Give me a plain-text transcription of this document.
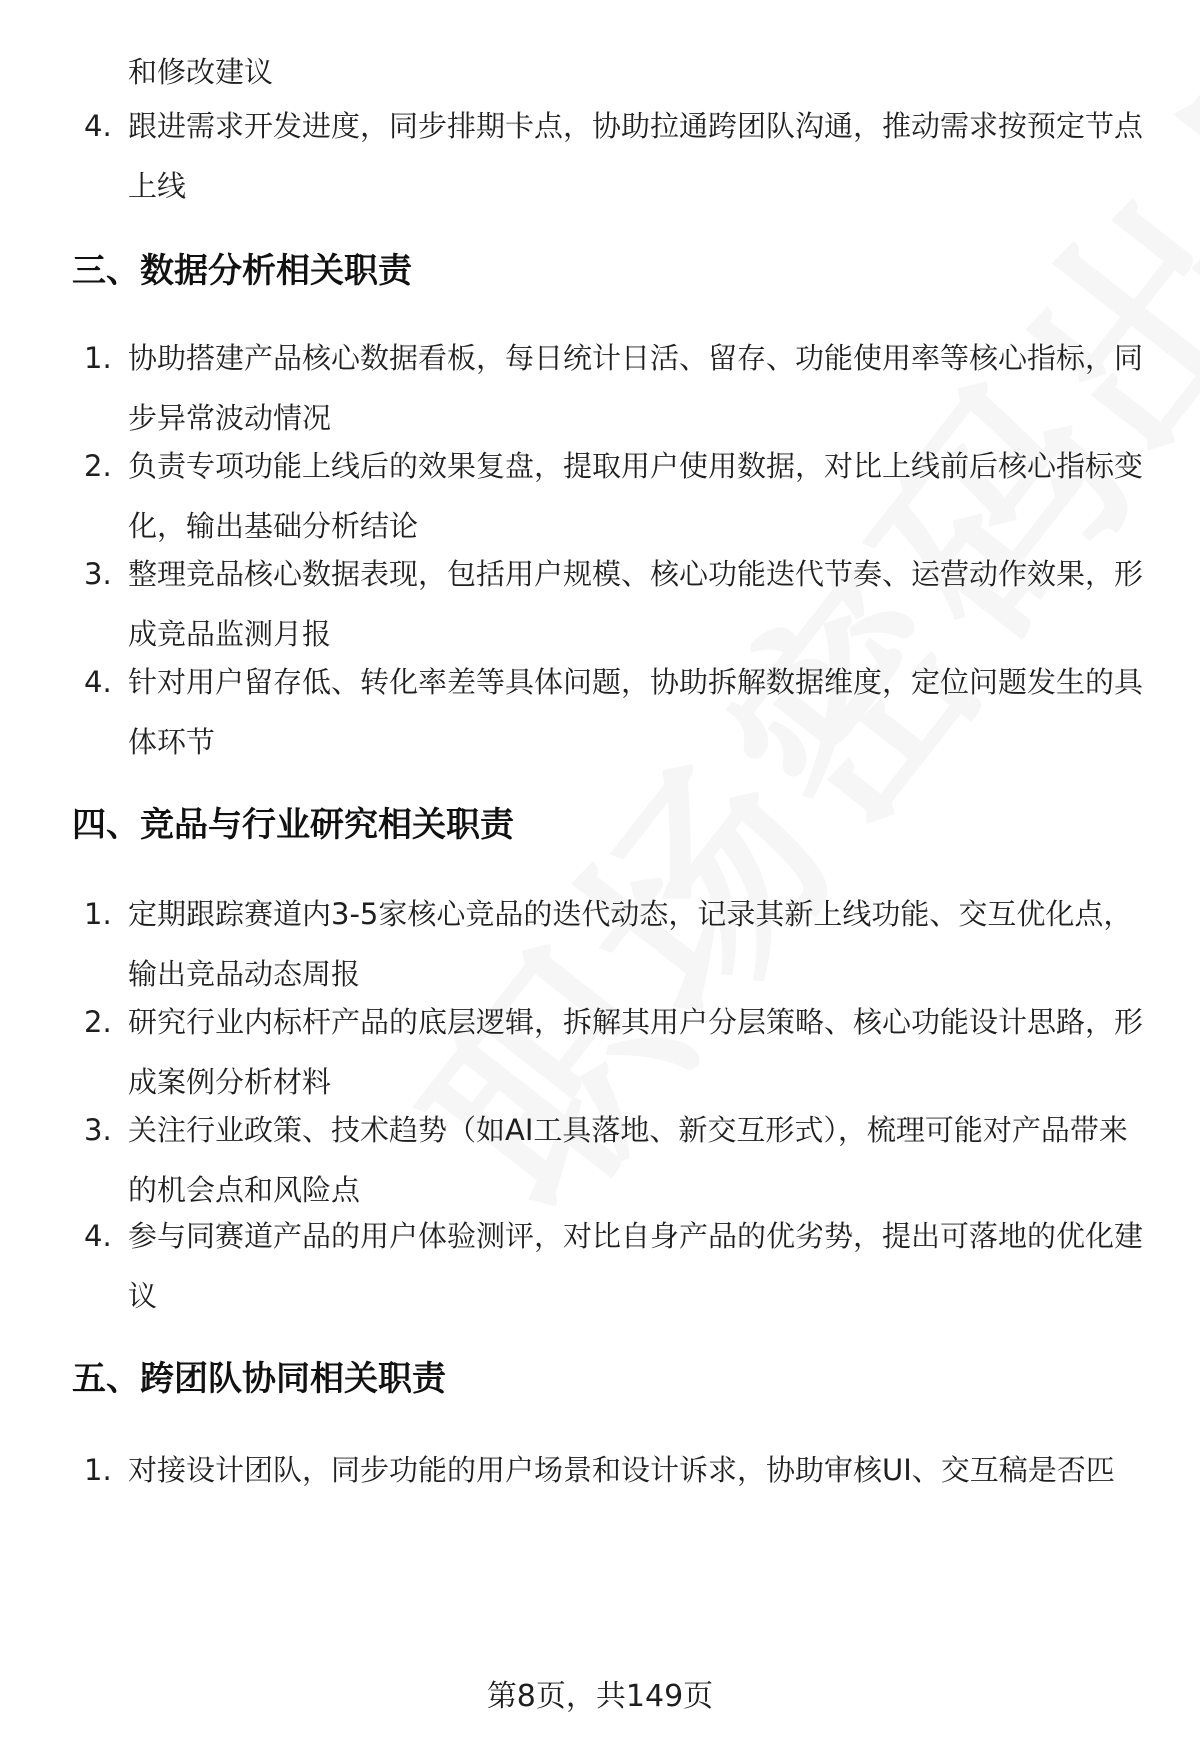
和修改建议
4. 跟进需求开发进度，同步排期卡点，协助拉通跨团队沟通，推动需求按预定节点上线
三、数据分析相关职责
1. 协助搭建产品核心数据看板，每日统计日活、留存、功能使用率等核心指标，同步异常波动情况
2. 负责专项功能上线后的效果复盘，提取用户使用数据，对比上线前后核心指标变化，输出基础分析结论
3. 整理竞品核心数据表现，包括用户规模、核心功能迭代节奏、运营动作效果，形成竞品监测月报
4. 针对用户留存低、转化率差等具体问题，协助拆解数据维度，定位问题发生的具体环节
四、竞品与行业研究相关职责
1. 定期跟踪赛道内3-5家核心竞品的迭代动态，记录其新上线功能、交互优化点，输出竞品动态周报
2. 研究行业内标杆产品的底层逻辑，拆解其用户分层策略、核心功能设计思路，形成案例分析材料
3. 关注行业政策、技术趋势（如AI工具落地、新交互形式），梳理可能对产品带来的机会点和风险点
4. 参与同赛道产品的用户体验测评，对比自身产品的优劣势，提出可落地的优化建议
五、跨团队协同相关职责
1. 对接设计团队，同步功能的用户场景和设计诉求，协助审核UI、交互稿是否匹
第8页，共149页
